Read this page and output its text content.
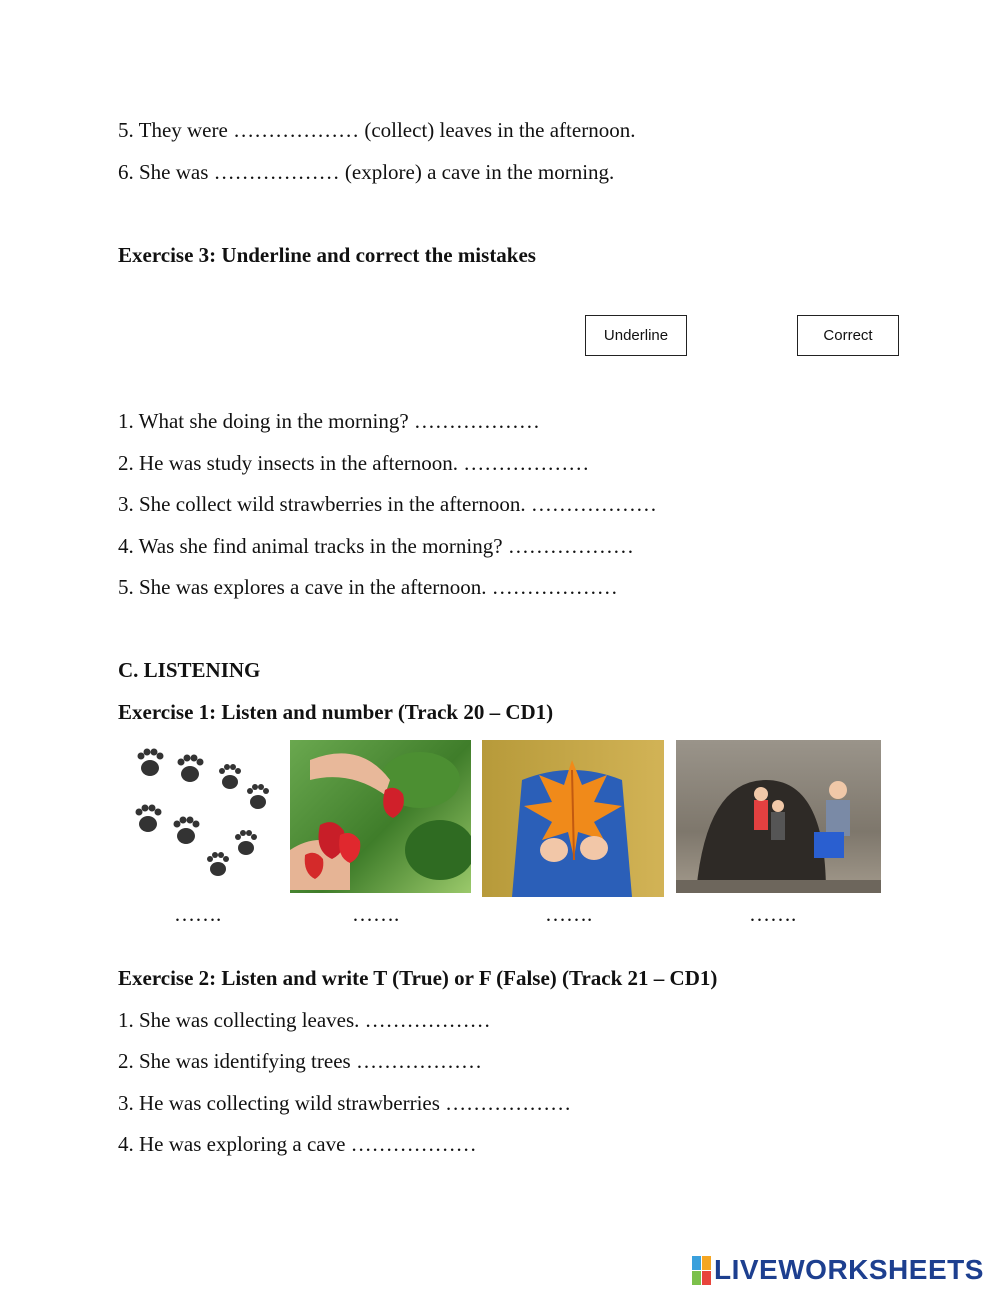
5. They were ……………… (collect) leaves in the afternoon.
6. She was ……………… (explore) a cave in the morning.
Exercise 3: Underline and correct the mistakes
Underline	Correct
1. What she doing in the morning? ………………
2. He was study insects in the afternoon. ………………
3. She collect wild strawberries in the afternoon. ………………
4. Was she find animal tracks in the morning? ………………
5. She was explores a cave in the afternoon. ………………
C. LISTENING
Exercise 1: Listen and number (Track 20 – CD1)
…….	…….	…….	…….
Exercise 2: Listen and write T (True) or F (False) (Track 21 – CD1)
1. She was collecting leaves. ………………
2. She was identifying trees ………………
3. He was collecting wild strawberries ………………
4. He was exploring a cave ………………
LIVEWORKSHEETS
